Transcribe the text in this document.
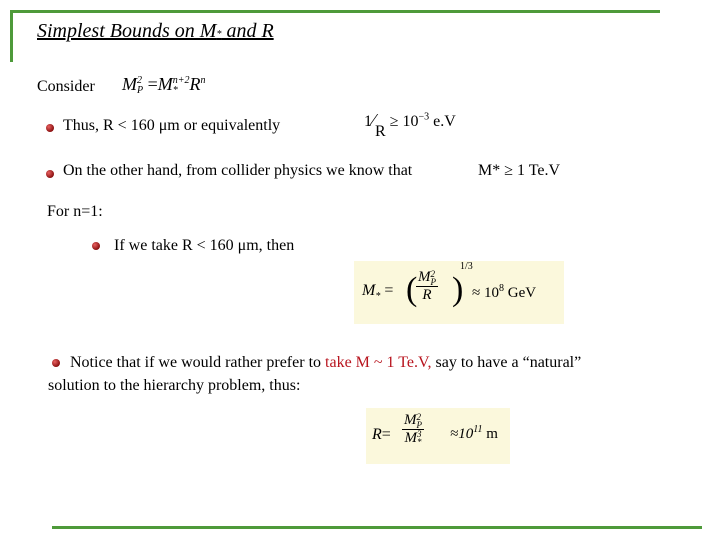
Simplest Bounds on M* and R
Consider M 2
P =M n+2
* $R^n$
Thus, R < 160 μm or equivalently	1⁄R ≥ $10^{-3}$ e.V
On the other hand, from collider physics we know that	M* ≥ 1 Te.V
For n=1:
If we take R < 160 μm, then
$M_*$ = (
M 2
P
R )
1/3
≈ $10^8$ GeV
Notice that if we would rather prefer to take M ~ 1 Te.V, say to have a “natural”
solution to the hierarchy problem, thus:
R= M 2
P
M 3
* $\approx 10^{11}$ m
